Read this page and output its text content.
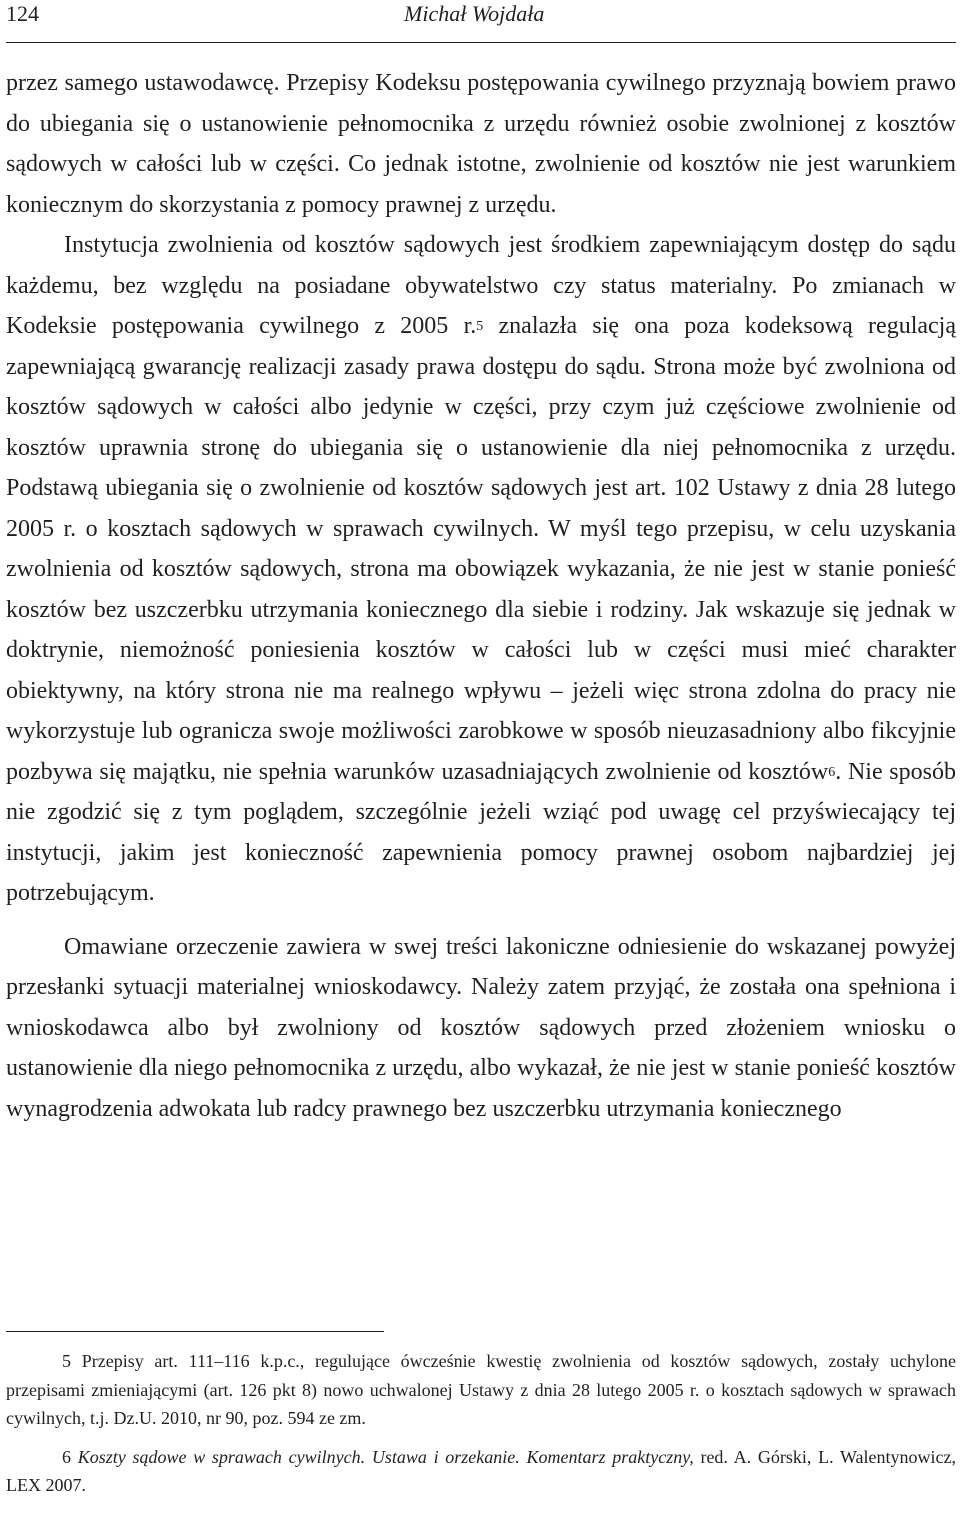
124	Michał Wojdała

przez samego ustawodawcę. Przepisy Kodeksu postępowania cywilnego przyznają bowiem prawo do ubiegania się o ustanowienie pełnomocnika z urzędu również osobie zwolnionej z kosztów sądowych w całości lub w części. Co jednak istotne, zwolnienie od kosztów nie jest warunkiem koniecznym do skorzystania z pomocy prawnej z urzędu.

Instytucja zwolnienia od kosztów sądowych jest środkiem zapewniającym dostęp do sądu każdemu, bez względu na posiadane obywatelstwo czy status materialny. Po zmianach w Kodeksie postępowania cywilnego z 2005 r.$^5$ znalazła się ona poza kodeksową regulacją zapewniającą gwarancję realizacji zasady prawa dostępu do sądu. Strona może być zwolniona od kosztów sądowych w całości albo jedynie w części, przy czym już częściowe zwolnienie od kosztów uprawnia stronę do ubiegania się o ustanowienie dla niej pełnomocnika z urzędu. Podstawą ubiegania się o zwolnienie od kosztów sądowych jest art. 102 Ustawy z dnia 28 lutego 2005 r. o kosztach sądowych w sprawach cywilnych. W myśl tego przepisu, w celu uzyskania zwolnienia od kosztów sądowych, strona ma obowiązek wykazania, że nie jest w stanie ponieść kosztów bez uszczerbku utrzymania koniecznego dla siebie i rodziny. Jak wskazuje się jednak w doktrynie, niemożność poniesienia kosztów w całości lub w części musi mieć charakter obiektywny, na który strona nie ma realnego wpływu – jeżeli więc strona zdolna do pracy nie wykorzystuje lub ogranicza swoje możliwości zarobkowe w sposób nieuzasadniony albo fikcyjnie pozbywa się majątku, nie spełnia warunków uzasadniających zwolnienie od kosztów$^6$. Nie sposób nie zgodzić się z tym poglądem, szczególnie jeżeli wziąć pod uwagę cel przyświecający tej instytucji, jakim jest konieczność zapewnienia pomocy prawnej osobom najbardziej jej potrzebującym.

Omawiane orzeczenie zawiera w swej treści lakoniczne odniesienie do wskazanej powyżej przesłanki sytuacji materialnej wnioskodawcy. Należy zatem przyjąć, że została ona spełniona i wnioskodawca albo był zwolniony od kosztów sądowych przed złożeniem wniosku o ustanowienie dla niego pełnomocnika z urzędu, albo wykazał, że nie jest w stanie ponieść kosztów wynagrodzenia adwokata lub radcy prawnego bez uszczerbku utrzymania koniecznego

5 Przepisy art. 111–116 k.p.c., regulujące ówcześnie kwestię zwolnienia od kosztów sądowych, zostały uchylone przepisami zmieniającymi (art. 126 pkt 8) nowo uchwalonej Ustawy z dnia 28 lutego 2005 r. o kosztach sądowych w sprawach cywilnych, t.j. Dz.U. 2010, nr 90, poz. 594 ze zm.

6 Koszty sądowe w sprawach cywilnych. Ustawa i orzekanie. Komentarz praktyczny, red. A. Górski, L. Walentynowicz, LEX 2007.
